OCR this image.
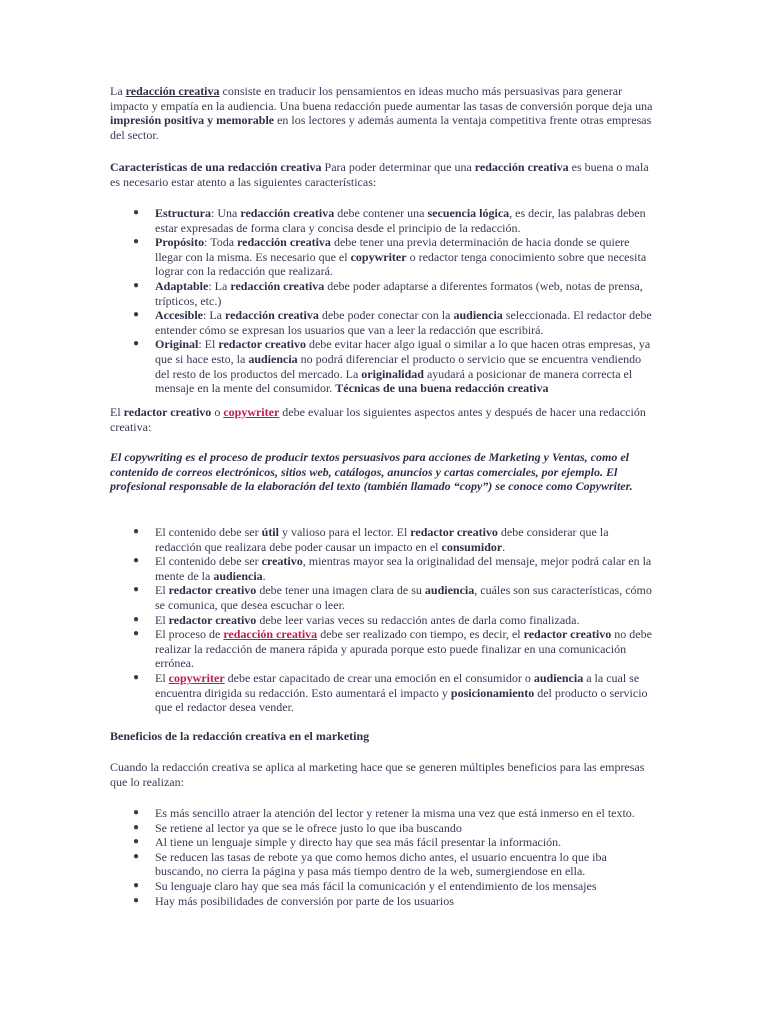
La redacción creativa consiste en traducir los pensamientos en ideas mucho más persuasivas para generar impacto y empatía en la audiencia. Una buena redacción puede aumentar las tasas de conversión porque deja una impresión positiva y memorable en los lectores y además aumenta la ventaja competitiva frente otras empresas del sector.

Características de una redacción creativa Para poder determinar que una redacción creativa es buena o mala es necesario estar atento a las siguientes características:

● Estructura: Una redacción creativa debe contener una secuencia lógica, es decir, las palabras deben estar expresadas de forma clara y concisa desde el principio de la redacción.
● Propósito: Toda redacción creativa debe tener una previa determinación de hacia donde se quiere llegar con la misma. Es necesario que el copywriter o redactor tenga conocimiento sobre que necesita lograr con la redacción que realizará.
● Adaptable: La redacción creativa debe poder adaptarse a diferentes formatos (web, notas de prensa, trípticos, etc.)
● Accesible: La redacción creativa debe poder conectar con la audiencia seleccionada. El redactor debe entender cómo se expresan los usuarios que van a leer la redacción que escribirá.
● Original: El redactor creativo debe evitar hacer algo igual o similar a lo que hacen otras empresas, ya que si hace esto, la audiencia no podrá diferenciar el producto o servicio que se encuentra vendiendo del resto de los productos del mercado. La originalidad ayudará a posicionar de manera correcta el mensaje en la mente del consumidor. Técnicas de una buena redacción creativa

El redactor creativo o copywriter debe evaluar los siguientes aspectos antes y después de hacer una redacción creativa:

El copywriting es el proceso de producir textos persuasivos para acciones de Marketing y Ventas, como el contenido de correos electrónicos, sitios web, catálogos, anuncios y cartas comerciales, por ejemplo. El profesional responsable de la elaboración del texto (también llamado “copy”) se conoce como Copywriter.

● El contenido debe ser útil y valioso para el lector. El redactor creativo debe considerar que la redacción que realizara debe poder causar un impacto en el consumidor.
● El contenido debe ser creativo, mientras mayor sea la originalidad del mensaje, mejor podrá calar en la mente de la audiencia.
● El redactor creativo debe tener una imagen clara de su audiencia, cuáles son sus características, cómo se comunica, que desea escuchar o leer.
● El redactor creativo debe leer varias veces su redacción antes de darla como finalizada.
● El proceso de redacción creativa debe ser realizado con tiempo, es decir, el redactor creativo no debe realizar la redacción de manera rápida y apurada porque esto puede finalizar en una comunicación errónea.
● El copywriter debe estar capacitado de crear una emoción en el consumidor o audiencia a la cual se encuentra dirigida su redacción. Esto aumentará el impacto y posicionamiento del producto o servicio que el redactor desea vender.

Beneficios de la redacción creativa en el marketing

Cuando la redacción creativa se aplica al marketing hace que se generen múltiples beneficios para las empresas que lo realizan:

● Es más sencillo atraer la atención del lector y retener la misma una vez que está inmerso en el texto.
● Se retiene al lector ya que se le ofrece justo lo que iba buscando
● Al tiene un lenguaje simple y directo hay que sea más fácil presentar la información.
● Se reducen las tasas de rebote ya que como hemos dicho antes, el usuario encuentra lo que iba buscando, no cierra la página y pasa más tiempo dentro de la web, sumergiendose en ella.
● Su lenguaje claro hay que sea más fácil la comunicación y el entendimiento de los mensajes
● Hay más posibilidades de conversión por parte de los usuarios
